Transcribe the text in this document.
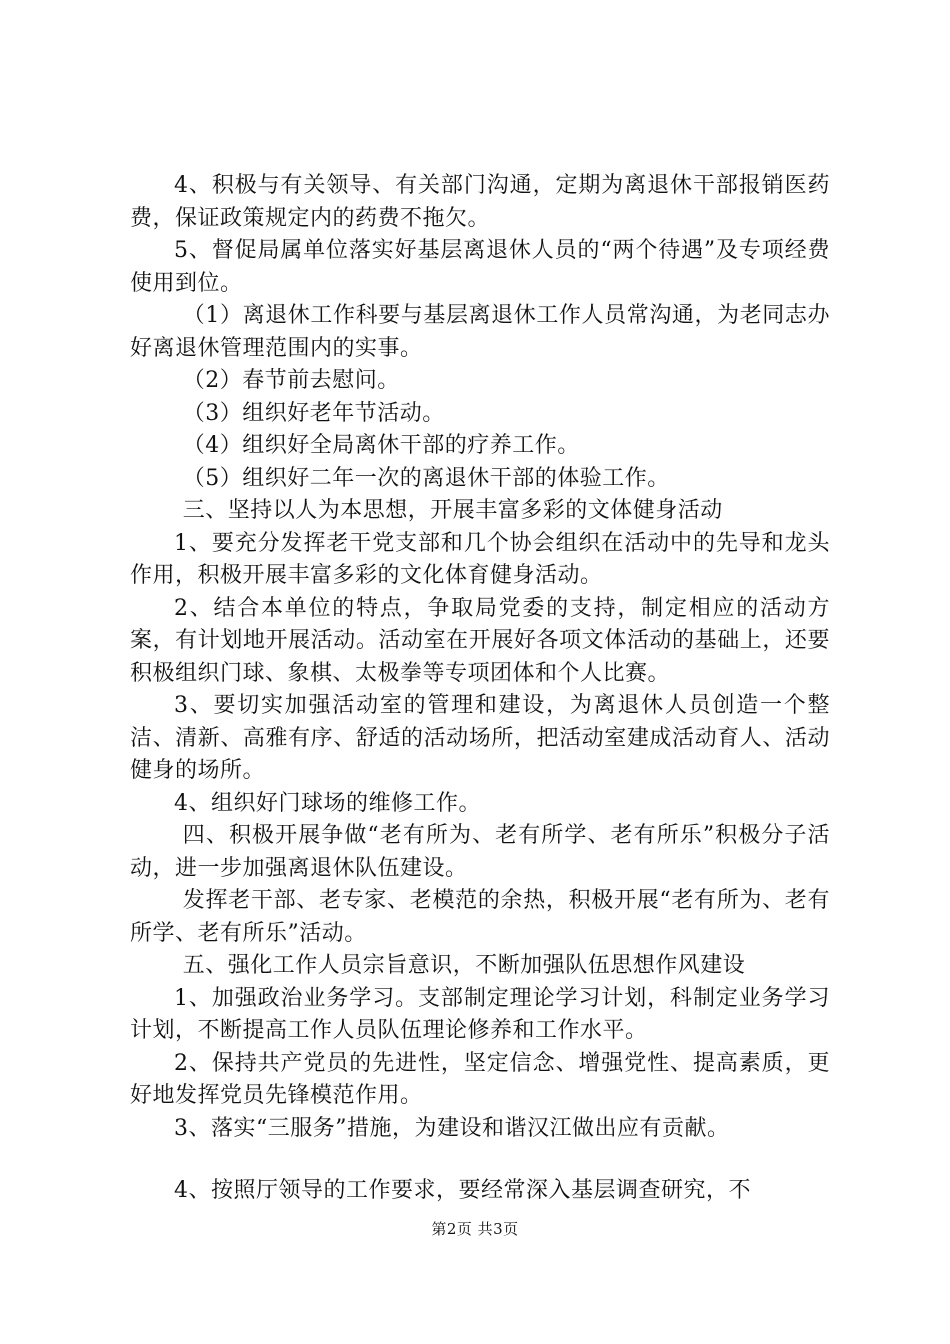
4、积极与有关领导、有关部门沟通，定期为离退休干部报销医药费，保证政策规定内的药费不拖欠。

5、督促局属单位落实好基层离退休人员的“两个待遇”及专项经费使用到位。

（1）离退休工作科要与基层离退休工作人员常沟通，为老同志办好离退休管理范围内的实事。

（2）春节前去慰问。

（3）组织好老年节活动。

（4）组织好全局离休干部的疗养工作。

（5）组织好二年一次的离退休干部的体验工作。

三、坚持以人为本思想，开展丰富多彩的文体健身活动

1、要充分发挥老干党支部和几个协会组织在活动中的先导和龙头作用，积极开展丰富多彩的文化体育健身活动。

2、结合本单位的特点，争取局党委的支持，制定相应的活动方案，有计划地开展活动。活动室在开展好各项文体活动的基础上，还要积极组织门球、象棋、太极拳等专项团体和个人比赛。

3、要切实加强活动室的管理和建设，为离退休人员创造一个整洁、清新、高雅有序、舒适的活动场所，把活动室建成活动育人、活动健身的场所。

4、组织好门球场的维修工作。

四、积极开展争做“老有所为、老有所学、老有所乐”积极分子活动，进一步加强离退休队伍建设。

发挥老干部、老专家、老模范的余热，积极开展“老有所为、老有所学、老有所乐”活动。

五、强化工作人员宗旨意识，不断加强队伍思想作风建设

1、加强政治业务学习。支部制定理论学习计划，科制定业务学习计划，不断提高工作人员队伍理论修养和工作水平。

2、保持共产党员的先进性，坚定信念、增强党性、提高素质，更好地发挥党员先锋模范作用。

3、落实“三服务”措施，为建设和谐汉江做出应有贡献。

4、按照厅领导的工作要求，要经常深入基层调查研究，不

第2页 共3页
